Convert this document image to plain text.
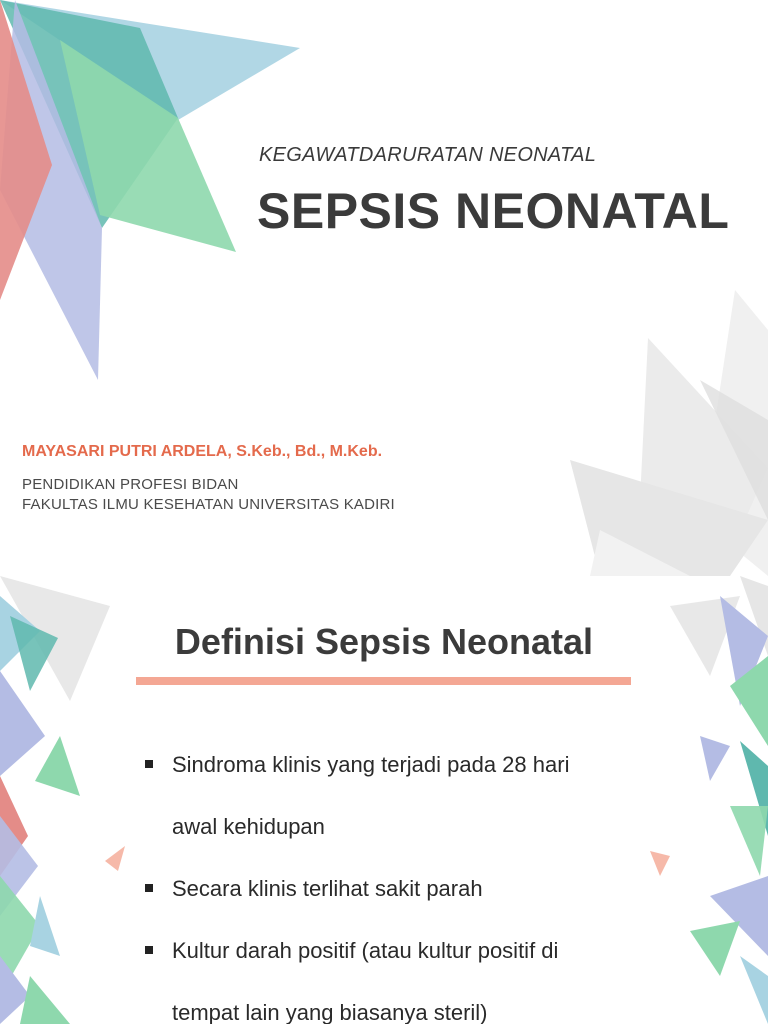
KEGAWATDARURATAN NEONATAL

SEPSIS NEONATAL

MAYASARI PUTRI ARDELA, S.Keb., Bd., M.Keb.

PENDIDIKAN PROFESI BIDAN

FAKULTAS ILMU KESEHATAN UNIVERSITAS KADIRI

Definisi Sepsis Neonatal
Sindroma klinis yang terjadi pada 28 hari awal kehidupan
Secara klinis terlihat sakit parah
Kultur darah positif (atau kultur positif di tempat lain yang biasanya steril)
